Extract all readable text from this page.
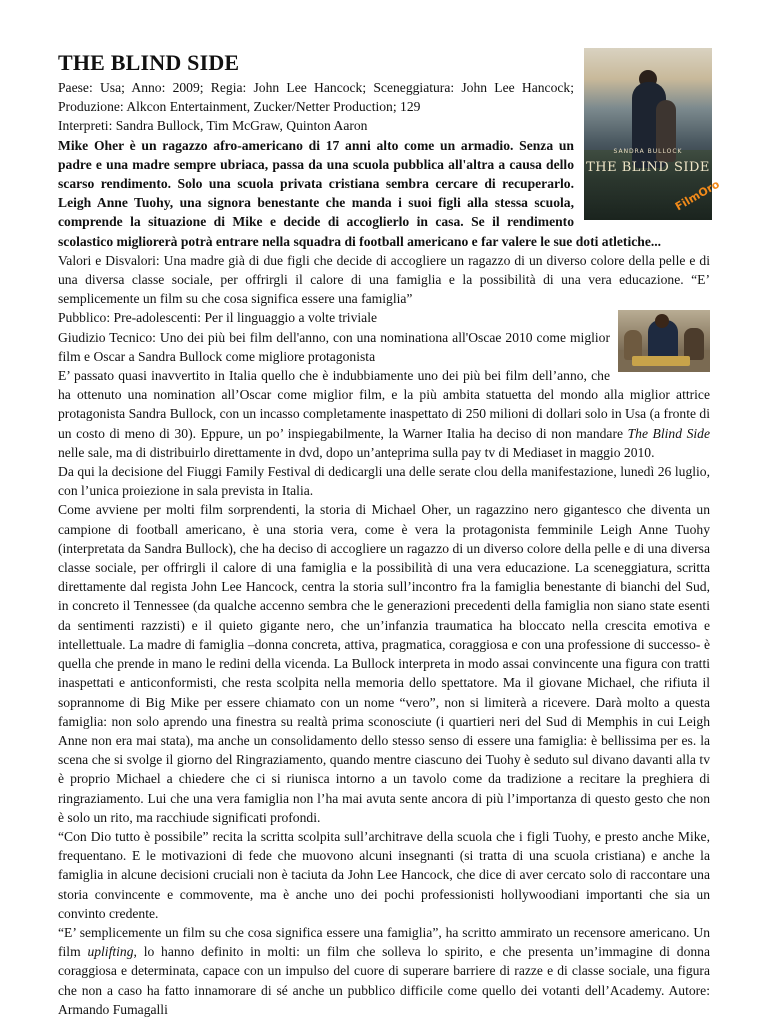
THE BLIND SIDE
SANDRA BULLOCK
THE BLIND SIDE
FilmOro

Paese: Usa; Anno: 2009; Regia: John Lee Hancock; Sceneggiatura: John Lee Hancock; Produzione: Alkcon Entertainment, Zucker/Netter Production; 129

Interpreti: Sandra Bullock, Tim McGraw, Quinton Aaron

Mike Oher è un ragazzo afro-americano di 17 anni alto come un armadio. Senza un padre e una madre sempre ubriaca, passa da una scuola pubblica all'altra a causa dello scarso rendimento. Solo una scuola privata cristiana sembra cercare di recuperarlo. Leigh Anne Tuohy, una signora benestante che manda i suoi figli alla stessa scuola, comprende la situazione di Mike e decide di accoglierlo in casa. Se il rendimento scolastico migliorerà potrà entrare nella squadra di football americano e far valere le sue doti atletiche...

Valori e Disvalori: Una madre già di due figli che decide di accogliere un ragazzo di un diverso colore della pelle e di una diversa classe sociale, per offrirgli il calore di una famiglia e la possibilità di una vera educazione. “E’ semplicemente un film su che cosa significa essere una famiglia”

Pubblico: Pre-adolescenti: Per il linguaggio a volte triviale

Giudizio Tecnico: Uno dei più bei film dell'anno, con una nominationa all'Oscae 2010 come miglior film e Oscar a Sandra Bullock come migliore protagonista

E’ passato quasi inavvertito in Italia quello che è indubbiamente uno dei più bei film dell’anno, che ha ottenuto una nomination all’Oscar come miglior film, e la più ambita statuetta del mondo alla miglior attrice protagonista Sandra Bullock, con un incasso completamente inaspettato di 250 milioni di dollari solo in Usa (a fronte di un costo di meno di 30). Eppure, un po’ inspiegabilmente, la Warner Italia ha deciso di non mandare The Blind Side nelle sale, ma di distribuirlo direttamente in dvd, dopo un’anteprima sulla pay tv di Mediaset in maggio 2010.

Da qui la decisione del Fiuggi Family Festival di dedicargli una delle serate clou della manifestazione, lunedì 26 luglio, con l’unica proiezione in sala prevista in Italia.

Come avviene per molti film sorprendenti, la storia di Michael Oher, un ragazzino nero gigantesco che diventa un campione di football americano, è una storia vera, come è vera la protagonista femminile Leigh Anne Tuohy (interpretata da Sandra Bullock), che ha deciso di accogliere un ragazzo di un diverso colore della pelle e di una diversa classe sociale, per offrirgli il calore di una famiglia e la possibilità di una vera educazione. La sceneggiatura, scritta direttamente dal regista John Lee Hancock, centra la storia sull’incontro fra la famiglia benestante di bianchi del Sud, in concreto il Tennessee (da qualche accenno sembra che le generazioni precedenti della famiglia non siano state esenti da sentimenti razzisti) e il quieto gigante nero, che un’infanzia traumatica ha bloccato nella crescita emotiva e intellettuale. La madre di famiglia –donna concreta, attiva, pragmatica, coraggiosa e con una professione di successo- è quella che prende in mano le redini della vicenda. La Bullock interpreta in modo assai convincente una figura con tratti inaspettati e anticonformisti, che resta scolpita nella memoria dello spettatore. Ma il giovane Michael, che rifiuta il soprannome di Big Mike per essere chiamato con un nome “vero”, non si limiterà a ricevere. Darà molto a questa famiglia: non solo aprendo una finestra su realtà prima sconosciute (i quartieri neri del Sud di Memphis in cui Leigh Anne non era mai stata), ma anche un consolidamento dello stesso senso di essere una famiglia: è bellissima per es. la scena che si svolge il giorno del Ringraziamento, quando mentre ciascuno dei Tuohy è seduto sul divano davanti alla tv è proprio Michael a chiedere che ci si riunisca intorno a un tavolo come da tradizione a recitare la preghiera di ringraziamento. Lui che una vera famiglia non l’ha mai avuta sente ancora di più l’importanza di questo gesto che non è solo un rito, ma racchiude significati profondi.

“Con Dio tutto è possibile” recita la scritta scolpita sull’architrave della scuola che i figli Tuohy, e presto anche Mike, frequentano. E le motivazioni di fede che muovono alcuni insegnanti (si tratta di una scuola cristiana) e anche la famiglia in alcune decisioni cruciali non è taciuta da John Lee Hancock, che dice di aver cercato solo di raccontare una storia convincente e commovente, ma è anche uno dei pochi professionisti hollywoodiani importanti che sia un convinto credente.

“E’ semplicemente un film su che cosa significa essere una famiglia”, ha scritto ammirato un recensore americano. Un film uplifting, lo hanno definito in molti: un film che solleva lo spirito, e che presenta un’immagine di donna coraggiosa e determinata, capace con un impulso del cuore di superare barriere di razze e di classe sociale, una figura che non a caso ha fatto innamorare di sé anche un pubblico difficile come quello dei votanti dell’Academy. Autore: Armando Fumagalli
